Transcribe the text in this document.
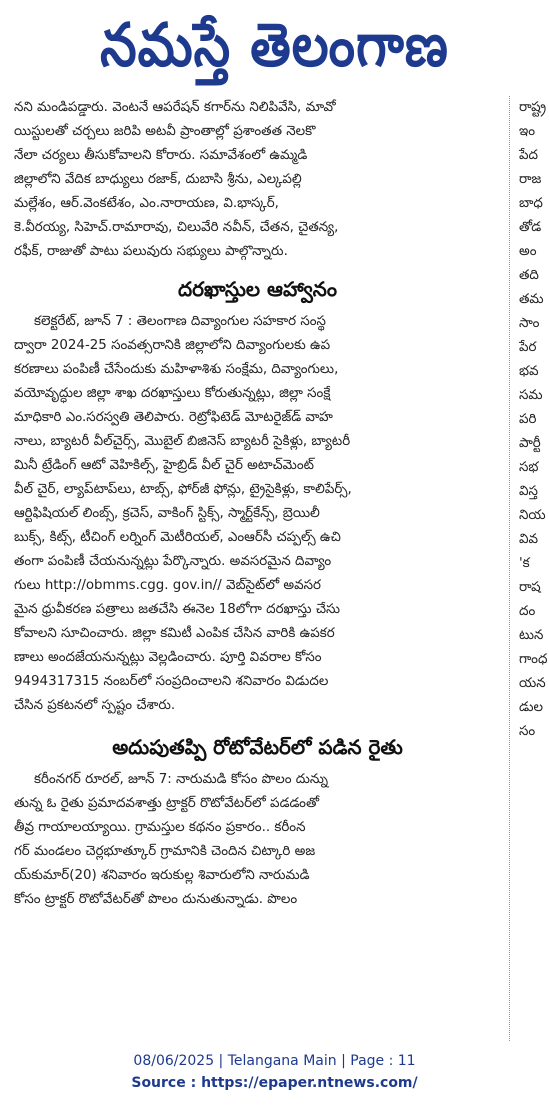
నమస్తే తెలంగాణ
నని మండిపడ్డారు. వెంటనే ఆపరేషన్ కగార్‌ను నిలిపివేసి, మావో
యిస్టులతో చర్చలు జరిపి అటవీ ప్రాంతాల్లో ప్రశాంతత నెలకొ
నేలా చర్యలు తీసుకోవాలని కోరారు. సమావేశంలో ఉమ్మడి
జిల్లాలోని వేదిక బాధ్యులు రజాక్, దుబాసి శ్రీను, ఎల్కపల్లి
మల్లేశం, ఆర్.వెంకటేశం, ఎం.నారాయణ, వి.భాస్కర్,
కె.వీరయ్య, సిహెచ్.రామారావు, చిలువేరి నవీన్, చేతన, చైతన్య,
రఫీక్, రాజుతో పాటు పలువురు సభ్యులు పాల్గొన్నారు.
దరఖాస్తుల ఆహ్వానం
కలెక్టరేట్, జూన్ 7 : తెలంగాణ దివ్యాంగుల సహకార సంస్థ
ద్వారా 2024-25 సంవత్సరానికి జిల్లాలోని దివ్యాంగులకు ఉప
కరణాలు పంపిణీ చేసేందుకు మహిళాశిశు సంక్షేమ, దివ్యాంగులు,
వయోవృద్ధుల జిల్లా శాఖ దరఖాస్తులు కోరుతున్నట్లు, జిల్లా సంక్షే
మాధికారి ఎం.సరస్వతి తెలిపారు. రెట్రోఫిటెడ్ మోటరైజ్‌డ్ వాహ
నాలు, బ్యాటరీ వీల్‌చైర్స్, మొబైల్ బిజినెస్ బ్యాటరీ సైకిళ్లు, బ్యాటరీ
మినీ ట్రేడింగ్ ఆటో వెహికిల్స్, హైబ్రిడ్ వీల్ చైర్ అటాచ్‌మెంట్
వీల్ చైర్, ల్యాప్‌టాప్‌లు, టాబ్స్, ఫోర్‌జీ ఫోన్లు, ట్రైసైకిళ్లు, కాలిపేర్స్,
ఆర్టిఫిషియల్ లింబ్స్, క్రచెస్, వాకింగ్ స్టిక్స్, స్మార్ట్‌కేన్స్, బ్రెయిలీ
బుక్స్, కిట్స్, టీచింగ్ లర్నింగ్ మెటీరియల్, ఎంఆర్‌సీ చప్పల్స్ ఉచి
తంగా పంపిణీ చేయనున్నట్లు పేర్కొన్నారు. అవసరమైన దివ్యాం
గులు http://obmms.cgg. gov.in// వెబ్‌సైట్‌లో అవసర
మైన ధ్రువీకరణ పత్రాలు జతచేసి ఈనెల 18లోగా దరఖాస్తు చేసు
కోవాలని సూచించారు. జిల్లా కమిటీ ఎంపిక చేసిన వారికి ఉపకర
ణాలు అందజేయనున్నట్లు వెల్లడించారు. పూర్తి వివరాల కోసం
9494317315 నంబర్‌లో సంప్రదించాలని శనివారం విడుదల
చేసిన ప్రకటనలో స్పష్టం చేశారు.
అదుపుతప్పి రోటోవేటర్‌లో పడిన రైతు
కరీంనగర్ రూరల్, జూన్ 7: నారుమడి కోసం పొలం దున్ను
తున్న ఓ రైతు ప్రమాదవశాత్తు ట్రాక్టర్ రొటోవేటర్‌లో పడడంతో
తీవ్ర గాయాలయ్యాయి. గ్రామస్తుల కథనం ప్రకారం.. కరీంన
గర్ మండలం చెర్లభూత్కూర్ గ్రామానికి చెందిన చిట్కారి అజ
య్‌కుమార్(20) శనివారం ఇరుకుల్ల శివారులోని నారుమడి
కోసం ట్రాక్టర్ రొటోవేటర్‌తో పొలం దునుతున్నాడు. పొలం
రాష్ట్ర
ఇం
పేద
రాజ
బాధ
తోడ
అం
తది
తమ
సాం
పేర
భవ
సమ
పరి
పార్టీ
సభ
విస్త
నియ
వివ
'క
రాష
దం
టున
గాంధ
యన
డుల
సం
08/06/2025 | Telangana Main | Page : 11
Source : https://epaper.ntnews.com/
